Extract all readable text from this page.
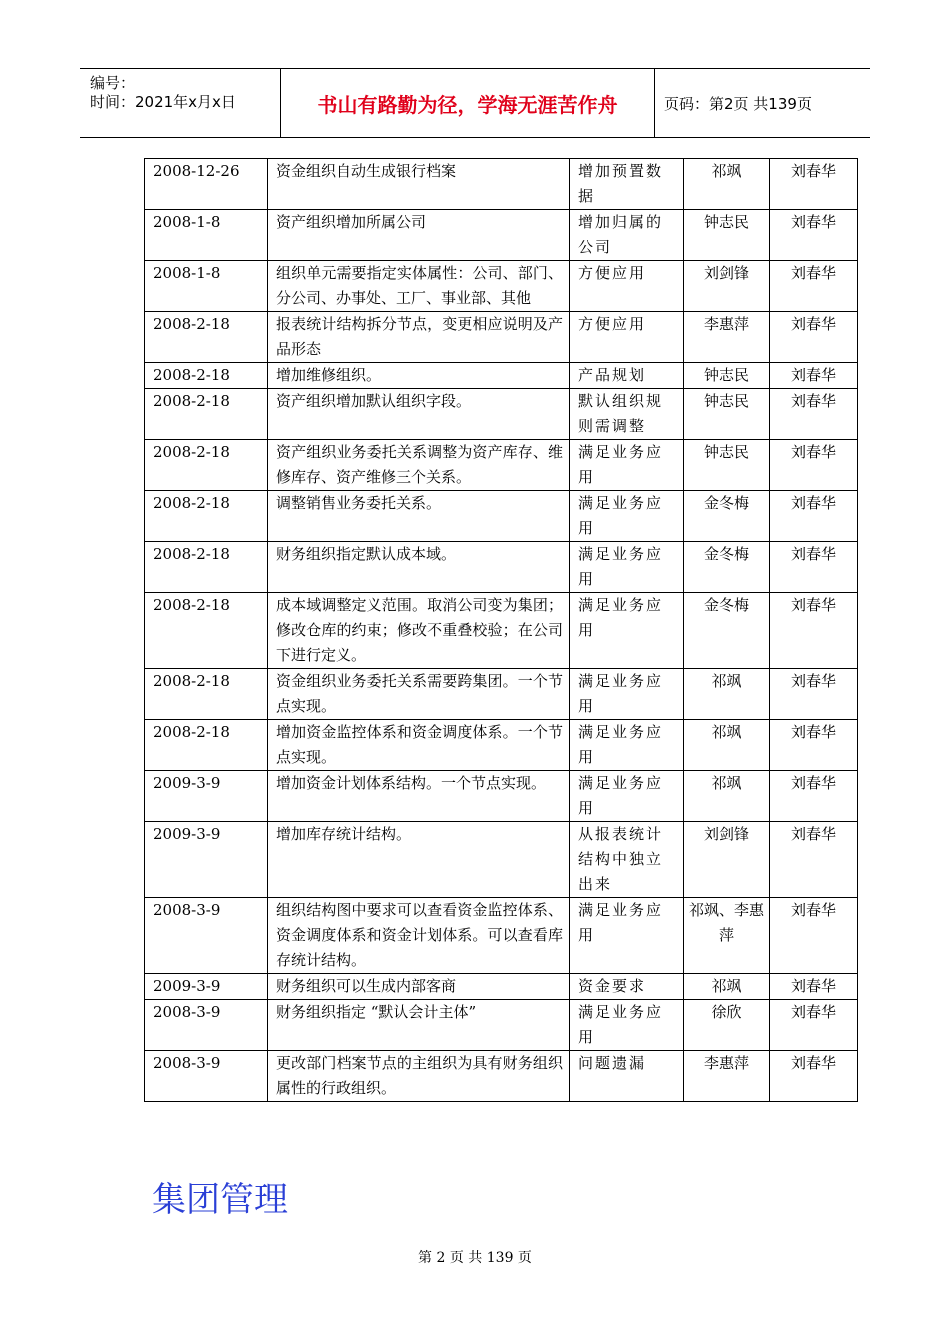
编号：
时间：2021年x月x日	书山有路勤为径，学海无涯苦作舟	页码：第2页 共139页
2008-12-26	资金组织自动生成银行档案	增加预置数据	祁飒	刘春华
2008-1-8	资产组织增加所属公司	增加归属的公司	钟志民	刘春华
2008-1-8	组织单元需要指定实体属性：公司、部门、分公司、办事处、工厂、事业部、其他	方便应用	刘剑锋	刘春华
2008-2-18	报表统计结构拆分节点，变更相应说明及产品形态	方便应用	李惠萍	刘春华
2008-2-18	增加维修组织。	产品规划	钟志民	刘春华
2008-2-18	资产组织增加默认组织字段。	默认组织规则需调整	钟志民	刘春华
2008-2-18	资产组织业务委托关系调整为资产库存、维修库存、资产维修三个关系。	满足业务应用	钟志民	刘春华
2008-2-18	调整销售业务委托关系。	满足业务应用	金冬梅	刘春华
2008-2-18	财务组织指定默认成本域。	满足业务应用	金冬梅	刘春华
2008-2-18	成本域调整定义范围。取消公司变为集团；修改仓库的约束；修改不重叠校验；在公司下进行定义。	满足业务应用	金冬梅	刘春华
2008-2-18	资金组织业务委托关系需要跨集团。一个节点实现。	满足业务应用	祁飒	刘春华
2008-2-18	增加资金监控体系和资金调度体系。一个节点实现。	满足业务应用	祁飒	刘春华
2009-3-9	增加资金计划体系结构。一个节点实现。	满足业务应用	祁飒	刘春华
2009-3-9	增加库存统计结构。	从报表统计结构中独立出来	刘剑锋	刘春华
2008-3-9	组织结构图中要求可以查看资金监控体系、资金调度体系和资金计划体系。可以查看库存统计结构。	满足业务应用	祁飒、李惠萍	刘春华
2009-3-9	财务组织可以生成内部客商	资金要求	祁飒	刘春华
2008-3-9	财务组织指定 “默认会计主体”	满足业务应用	徐欣	刘春华
2008-3-9	更改部门档案节点的主组织为具有财务组织属性的行政组织。	问题遗漏	李惠萍	刘春华
集团管理
第 2 页 共 139 页
